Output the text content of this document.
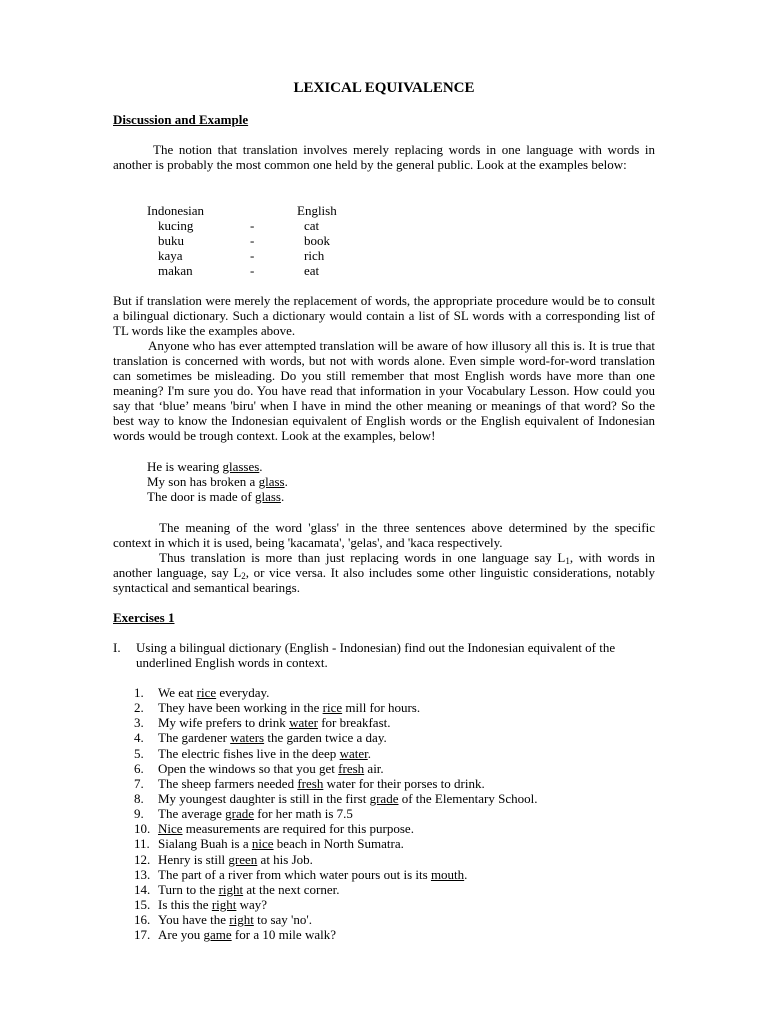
LEXICAL EQUIVALENCE
Discussion and Example

The notion that translation involves merely replacing words in one language with words in another is probably the most common one held by the general public. Look at the examples below:

Indonesian	English
kucing	-	cat
buku	-	book
kaya	-	rich
makan	-	eat

But if translation were merely the replacement of words, the appropriate procedure would be to consult a bilingual dictionary. Such a dictionary would contain a list of SL words with a corresponding list of TL words like the examples above.

Anyone who has ever attempted translation will be aware of how illusory all this is. It is true that translation is concerned with words, but not with words alone. Even simple word-for-word translation can sometimes be misleading. Do you still remember that most English words have more than one meaning? I'm sure you do. You have read that information in your Vocabulary Lesson. How could you say that ‘blue’ means 'biru' when I have in mind the other meaning or meanings of that word? So the best way to know the Indonesian equivalent of English words or the English equivalent of Indonesian words would be trough context. Look at the examples, below!

He is wearing glasses.
My son has broken a glass.
The door is made of glass.

The meaning of the word 'glass' in the three sentences above determined by the specific context in which it is used, being 'kacamata', 'gelas', and 'kaca respectively.

Thus translation is more than just replacing words in one language say $L_1$, with words in another language, say $L_2$, or vice versa. It also includes some other linguistic considerations, notably syntactical and semantical bearings.

Exercises 1
I. Using a bilingual dictionary (English - Indonesian) find out the Indonesian equivalent of the underlined English words in context.
1.	We eat rice everyday.
2.	They have been working in the rice mill for hours.
3.	My wife prefers to drink water for breakfast.
4.	The gardener waters the garden twice a day.
5.	The electric fishes live in the deep water.
6.	Open the windows so that you get fresh air.
7.	The sheep farmers needed fresh water for their porses to drink.
8.	My youngest daughter is still in the first grade of the Elementary School.
9.	The average grade for her math is 7.5
10. Nice measurements are required for this purpose.
11. Sialang Buah is a nice beach in North Sumatra.
12. Henry is still green at his Job.
13. The part of a river from which water pours out is its mouth.
14. Turn to the right at the next corner.
15. Is this the right way?
16. You have the right to say 'no'.
17. Are you game for a 10 mile walk?
